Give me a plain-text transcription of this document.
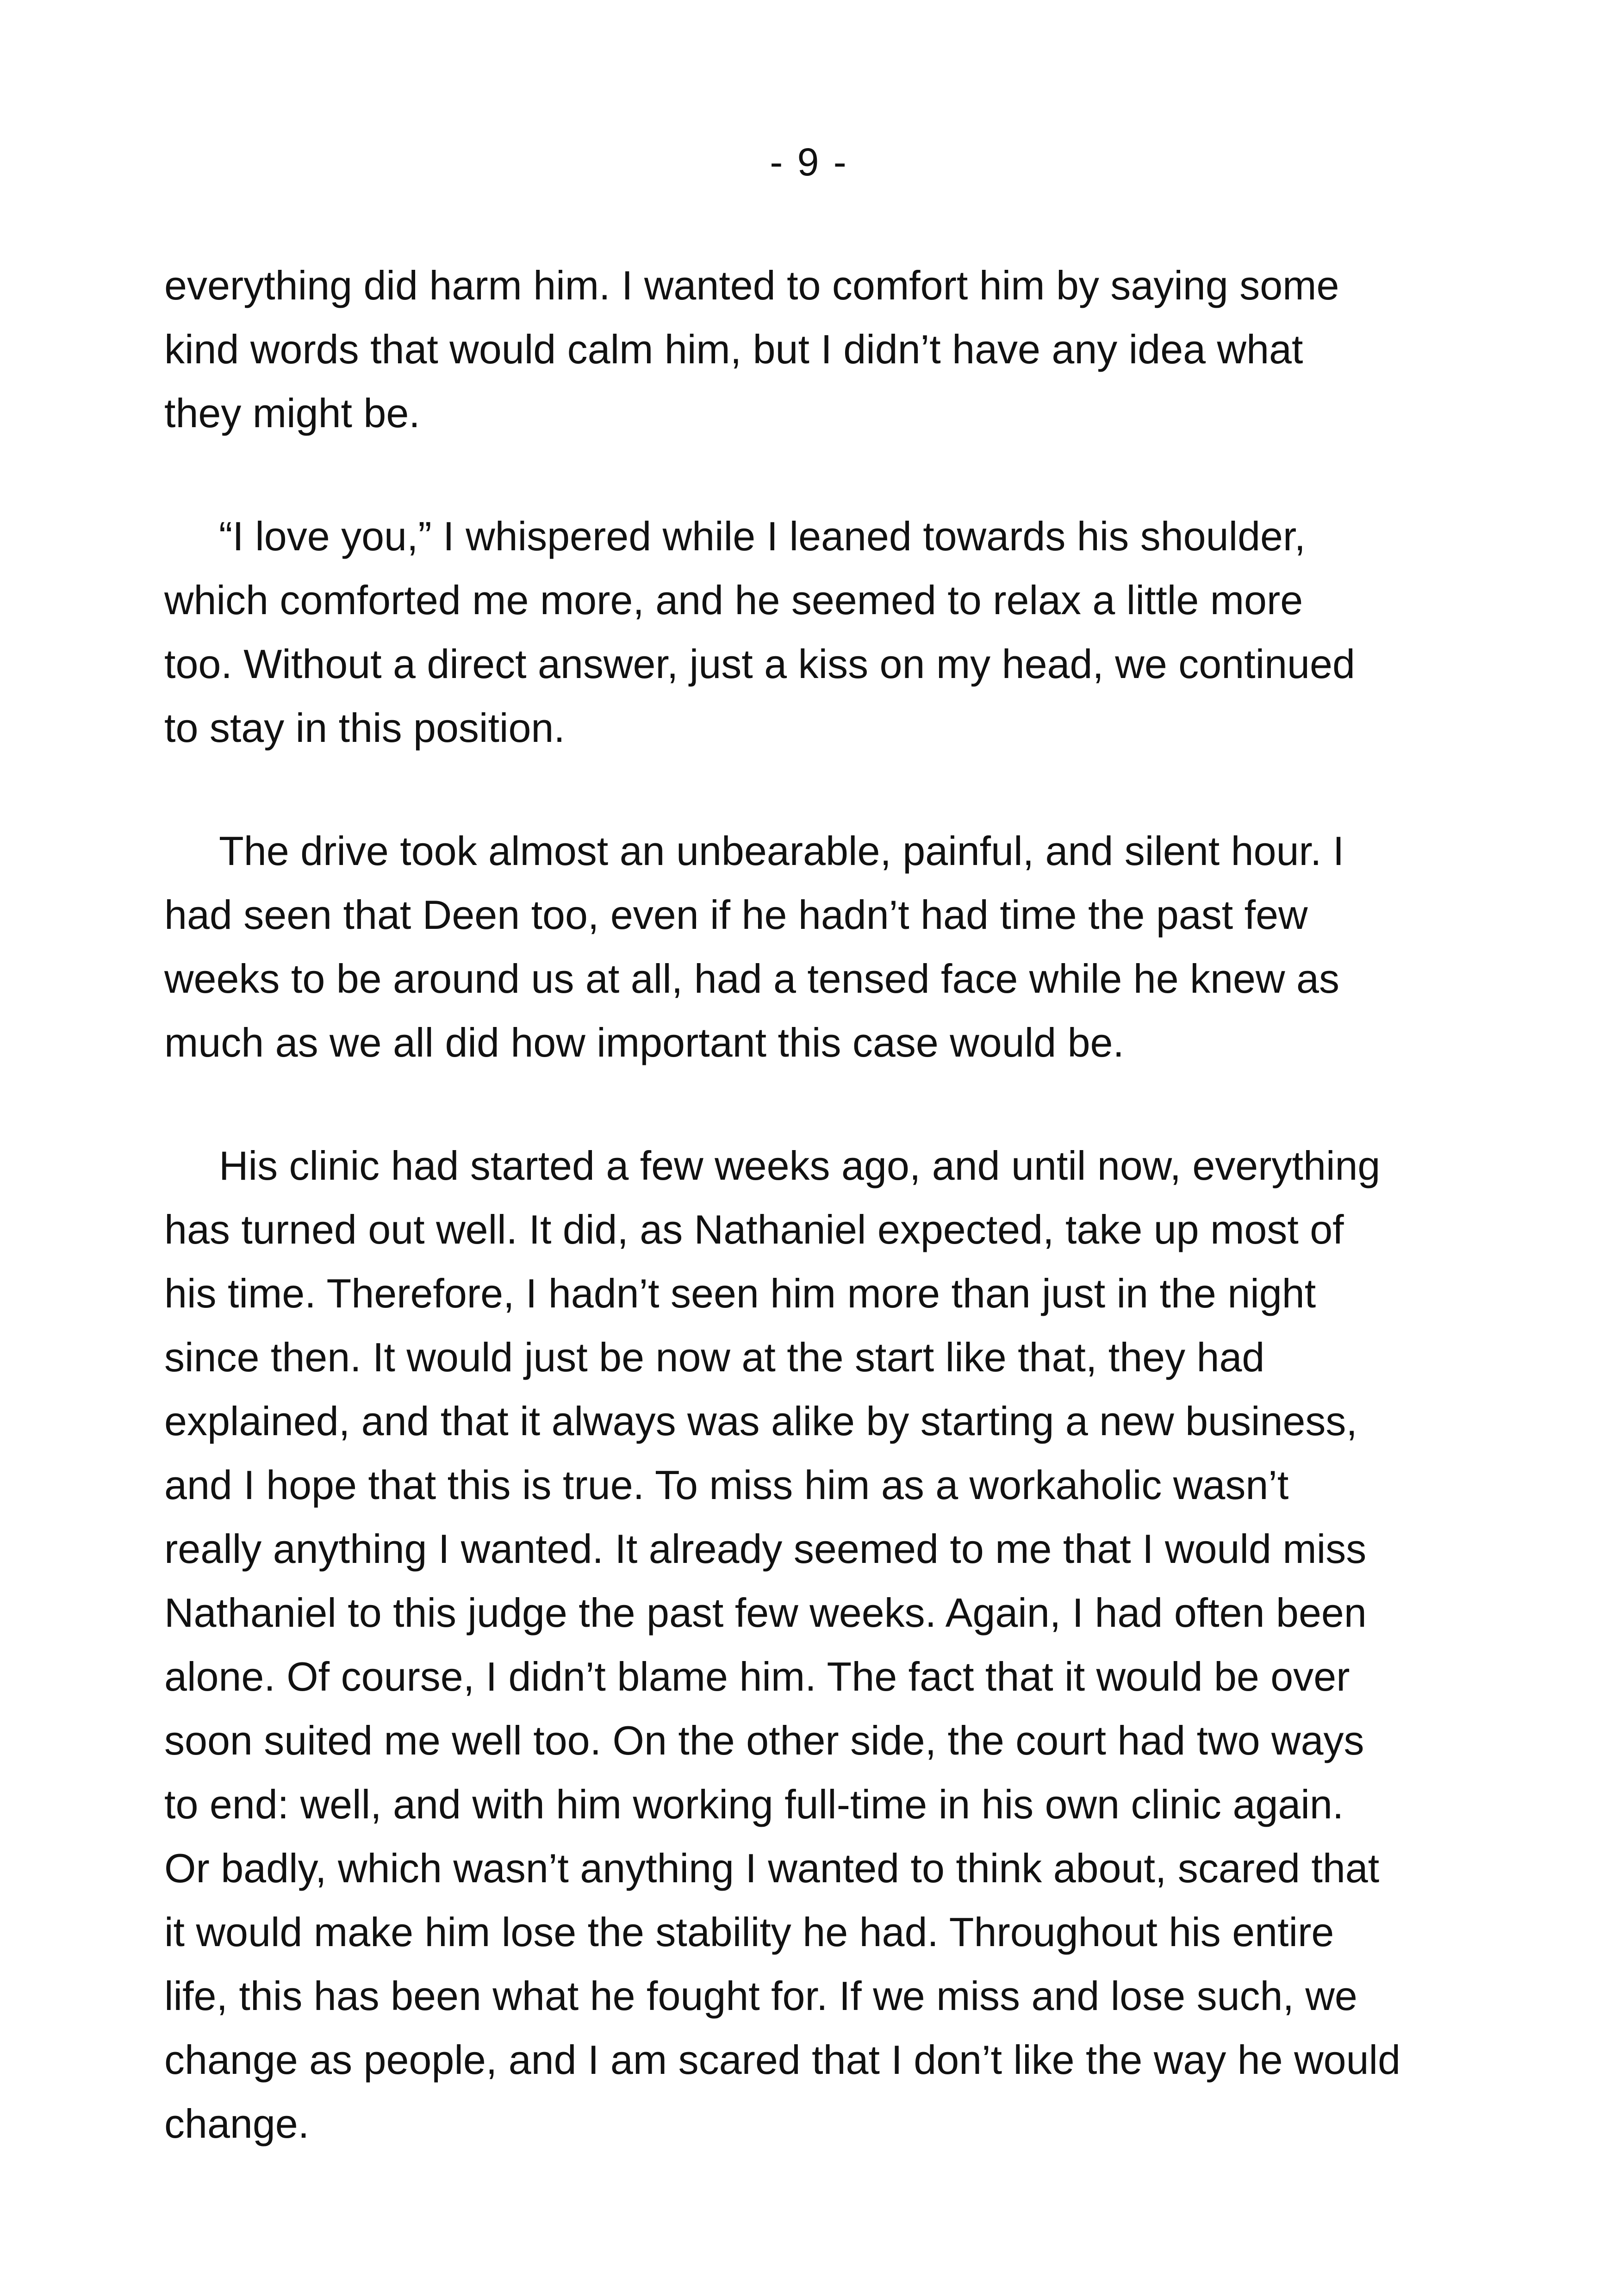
- 9 -
everything did harm him. I wanted to comfort him by saying some
kind words that would calm him, but I didn’t have any idea what
they might be.
“I love you,” I whispered while I leaned towards his shoulder,
which comforted me more, and he seemed to relax a little more
too. Without a direct answer, just a kiss on my head, we continued
to stay in this position.
The drive took almost an unbearable, painful, and silent hour. I
had seen that Deen too, even if he hadn’t had time the past few
weeks to be around us at all, had a tensed face while he knew as
much as we all did how important this case would be.
His clinic had started a few weeks ago, and until now, everything
has turned out well. It did, as Nathaniel expected, take up most of
his time. Therefore, I hadn’t seen him more than just in the night
since then. It would just be now at the start like that, they had
explained, and that it always was alike by starting a new business,
and I hope that this is true. To miss him as a workaholic wasn’t
really anything I wanted. It already seemed to me that I would miss
Nathaniel to this judge the past few weeks. Again, I had often been
alone. Of course, I didn’t blame him. The fact that it would be over
soon suited me well too. On the other side, the court had two ways
to end: well, and with him working full-time in his own clinic again.
Or badly, which wasn’t anything I wanted to think about, scared that
it would make him lose the stability he had. Throughout his entire
life, this has been what he fought for. If we miss and lose such, we
change as people, and I am scared that I don’t like the way he would
change.
